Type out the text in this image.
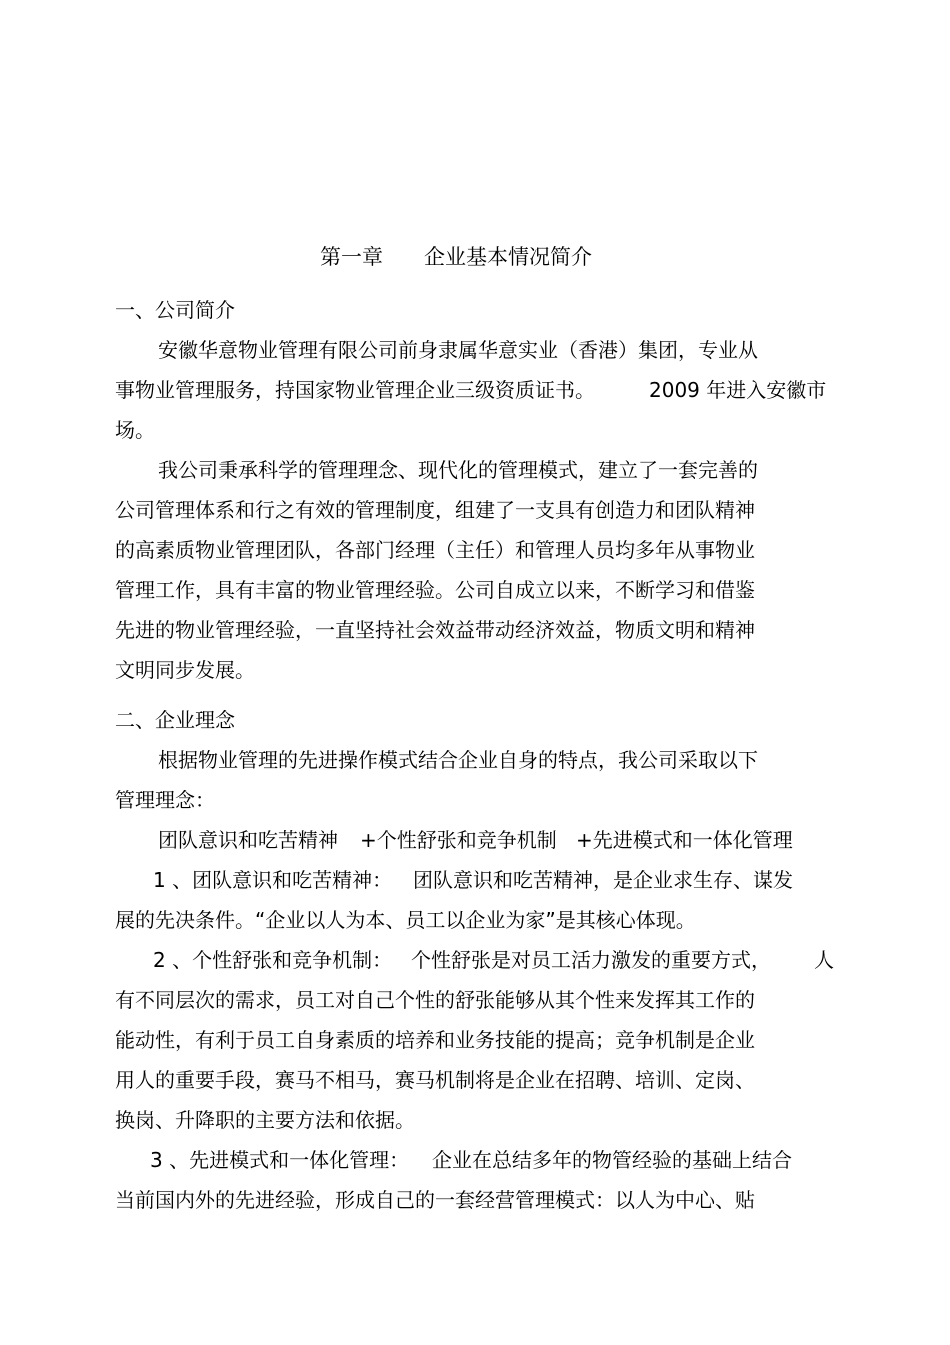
第一章 企业基本情况简介
一、公司简介
安徽华意物业管理有限公司前身隶属华意实业（香港）集团，专业从
事物业管理服务，持国家物业管理企业三级资质证书。	2009 年进入安徽市
场。
我公司秉承科学的管理理念、现代化的管理模式，建立了一套完善的
公司管理体系和行之有效的管理制度，组建了一支具有创造力和团队精神
的高素质物业管理团队，各部门经理（主任）和管理人员均多年从事物业
管理工作，具有丰富的物业管理经验。公司自成立以来，不断学习和借鉴
先进的物业管理经验，一直坚持社会效益带动经济效益，物质文明和精神
文明同步发展。
二、企业理念
根据物业管理的先进操作模式结合企业自身的特点，我公司采取以下
管理理念：
团队意识和吃苦精神 +个性舒张和竞争机制 +先进模式和一体化管理
1 、团队意识和吃苦精神： 团队意识和吃苦精神，是企业求生存、谋发
展的先决条件。“企业以人为本、员工以企业为家”是其核心体现。
2 、个性舒张和竞争机制： 个性舒张是对员工活力激发的重要方式， 人
有不同层次的需求，员工对自己个性的舒张能够从其个性来发挥其工作的
能动性，有利于员工自身素质的培养和业务技能的提高；竞争机制是企业
用人的重要手段，赛马不相马，赛马机制将是企业在招聘、培训、定岗、
换岗、升降职的主要方法和依据。
3 、先进模式和一体化管理： 企业在总结多年的物管经验的基础上结合
当前国内外的先进经验，形成自己的一套经营管理模式：以人为中心、贴
